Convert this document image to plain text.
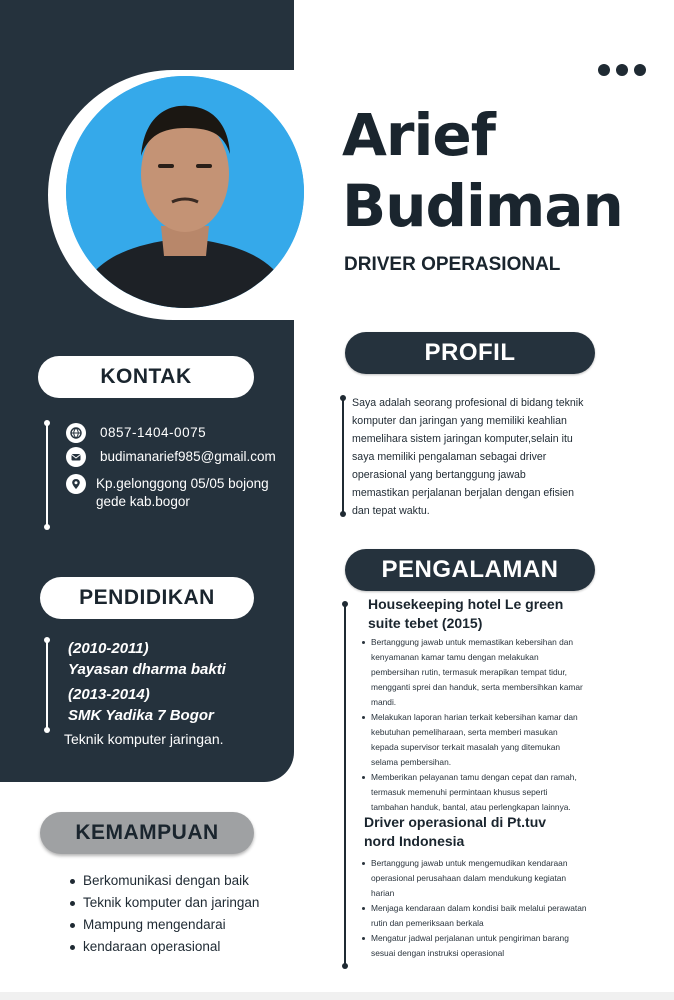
Arief
Budiman
DRIVER OPERASIONAL
KONTAK
0857-1404-0075
budimanarief985@gmail.com
Kp.gelonggong 05/05 bojong
gede kab.bogor
PENDIDIKAN
(2010-2011)
Yayasan dharma bakti
(2013-2014)
SMK Yadika 7 Bogor
Teknik komputer jaringan.
KEMAMPUAN
Berkomunikasi dengan baik
Teknik komputer dan jaringan
Mampung mengendarai
kendaraan operasional
PROFIL
Saya adalah seorang profesional di bidang teknik
komputer dan jaringan yang memiliki keahlian
memelihara sistem jaringan komputer,selain itu
saya memiliki pengalaman sebagai driver
operasional yang bertanggung jawab
memastikan perjalanan berjalan dengan efisien
dan tepat waktu.
PENGALAMAN
Housekeeping hotel Le green
suite tebet (2015)
Bertanggung jawab untuk memastikan kebersihan dan
kenyamanan kamar tamu dengan melakukan
pembersihan rutin, termasuk merapikan tempat tidur,
mengganti sprei dan handuk, serta membersihkan kamar
mandi.
Melakukan laporan harian terkait kebersihan kamar dan
kebutuhan pemeliharaan, serta memberi masukan
kepada supervisor terkait masalah yang ditemukan
selama pembersihan.
Memberikan pelayanan tamu dengan cepat dan ramah,
termasuk memenuhi permintaan khusus seperti
tambahan handuk, bantal, atau perlengkapan lainnya.
Driver operasional di Pt.tuv
nord Indonesia
Bertanggung jawab untuk mengemudikan kendaraan
operasional perusahaan dalam mendukung kegiatan
harian
Menjaga kendaraan dalam kondisi baik melalui perawatan
rutin dan pemeriksaan berkala
Mengatur jadwal perjalanan untuk pengiriman barang
sesuai dengan instruksi operasional
